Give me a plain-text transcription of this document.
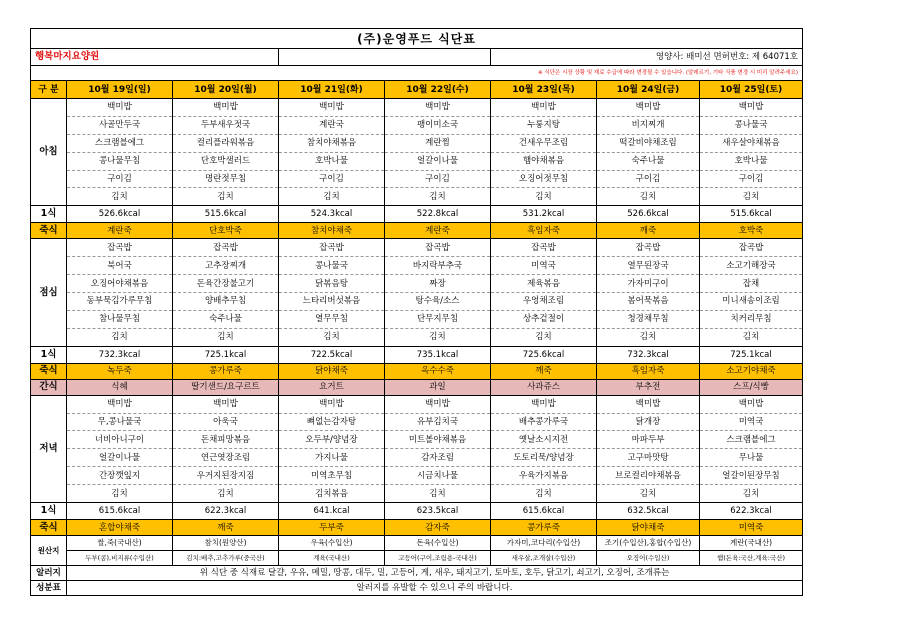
(주)운영푸드 식단표							
행복마지요양원					영양사: 배미선 면허번호: 제 64071호		
※ 식단은 시장 상황 및 재료 수급에 따라 변경될 수 있습니다. (알레르기, 기타 식품 변경 시 미리 알려주세요)							
구 분	10월 19일(일)	10월 20일(월)	10월 21일(화)	10월 22일(수)	10월 23일(목)	10월 24일(금)	10월 25일(토)
아침	백미밥	백미밥	백미밥	백미밥	백미밥	백미밥	백미밥
	사골만두국	두부새우젓국	계란국	팽이미소국	누룽지탕	비지찌개	콩나물국
	스크램블에그	컬리플라워볶음	참치야채볶음	계란찜	건새우무조림	떡갈비야채조림	새우살야채볶음
	콩나물무침	단호박샐러드	호박나물	얼갈이나물	햄야채볶음	숙주나물	호박나물
	구이김	명란젓무침	구이김	구이김	오징어젓무침	구이김	구이김
	김치	김치	김치	김치	김치	김치	김치
1식	526.6kcal	515.6kcal	524.3kcal	522.8kcal	531.2kcal	526.6kcal	515.6kcal
죽식	계란죽	단호박죽	참치야채죽	계란죽	흑임자죽	깨죽	호박죽
점심	잡곡밥	잡곡밥	잡곡밥	잡곡밥	잡곡밥	잡곡밥	잡곡밥
	북어국	고추장찌개	콩나물국	바지락부추국	미역국	열무된장국	소고기해장국
	오징어야채볶음	돈육간장불고기	닭볶음탕	짜장	제육볶음	가자미구이	잡채
	동부묵김가루무침	양배추무침	느타리버섯볶음	탕수육/소스	우엉채조림	봄어묵볶음	미니새송이조림
	참나물무침	숙주나물	열무무침	단무지무침	상추겉절이	청경채무침	치커리무침
	김치	김치	김치	김치	김치	김치	김치
1식	732.3kcal	725.1kcal	722.5kcal	735.1kcal	725.6kcal	732.3kcal	725.1kcal
죽식	녹두죽	콩가루죽	닭야채죽	옥수수죽	깨죽	흑임자죽	소고기야채죽
간식	식혜	딸기샌드/요구르트	요거트	과일	사과쥬스	부추전	스프/식빵
저녁	백미밥	백미밥	백미밥	백미밥	백미밥	백미밥	백미밥
	무,콩나물국	아욱국	뼈없는감자탕	유부김치국	배추콩가루국	닭개장	미역국
	너비아니구이	돈채피망볶음	오두부/양념장	미트볼야채볶음	옛날소시지전	마파두부	스크램블에그
	얼갈이나물	연근엿장조림	가지나물	감자조림	도토리묵/양념장	고구마맛탕	무나물
	간장깻잎지	우거지된장지짐	미역초무침	시금치나물	우육가지볶음	브로컬리야채볶음	얼갈이된장무침
	김치	김치	김치볶음	김치	김치	김치	김치
1식	615.6kcal	622.3kcal	641.kcal	623.5kcal	615.6kcal	632.5kcal	622.3kcal
죽식	혼합야채죽	깨죽	두부죽	감자죽	콩가루죽	닭야채죽	미역죽
원산지	쌀,죽(국내산)	참치(원양산)	우육(수입산)	돈육(수입산)	가자미,코다리(수입산)	조기(수입산),홍합(수입산)	계란(국내산)
	두부(콩),비지류(수입산)	김치:배추,고추가루(중국산)	계육(국내산)	고등어(구이,조림용-국내산)	새우살,조개살(수입산)	오징어(수입산)	햄(돈육:국산,계육:국산)
알러지	위 식단 중 식재료 달걀, 우유, 메밀, 땅콩, 대두, 밀, 고등어, 게, 새우, 돼지고기, 토마토, 호두, 닭고기, 쇠고기, 오징어, 조개류는						
성분표	알러지를 유발할 수 있으니 주의 바랍니다.						
